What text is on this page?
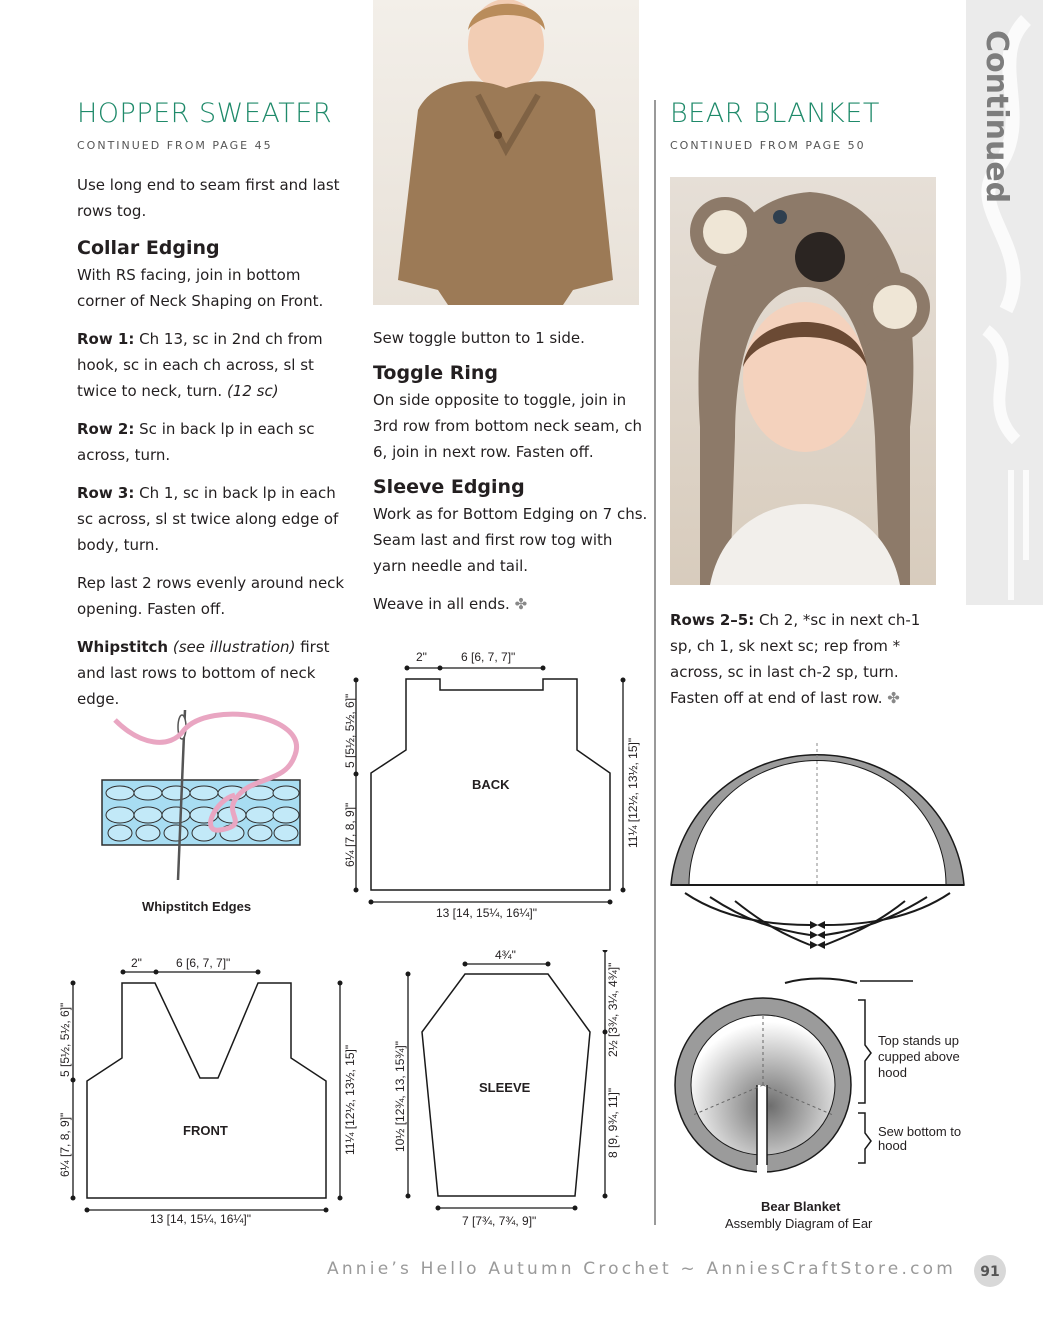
Continued
HOPPER SWEATER
CONTINUED FROM PAGE 45

Use long end to seam first and last rows tog.

Collar Edging

With RS facing, join in bottom corner of Neck Shaping on Front.

Row 1: Ch 13, sc in 2nd ch from hook, sc in each ch across, sl st twice to neck, turn. (12 sc)

Row 2: Sc in back lp in each sc across, turn.

Row 3: Ch 1, sc in back lp in each sc across, sl st twice along edge of body, turn.

Rep last 2 rows evenly around neck opening. Fasten off.

Whipstitch (see illustration) first and last rows to bottom of neck edge.

Whipstitch Edges

Sew toggle button to 1 side.

Toggle Ring

On side opposite to toggle, join in 3rd row from bottom neck seam, ch 6, join in next row. Fasten off.

Sleeve Edging

Work as for Bottom Edging on 7 chs. Seam last and first row tog with yarn needle and tail.

Weave in all ends. ✤

2"	6 [6, 7, 7]"
5 [5½, 5½, 6]"
6¼ [7, 8, 9]"	11¼ [12½, 13½, 15]"
13 [14, 15¼, 16¼]"
BACK
2"	6 [6, 7, 7]"
5 [5½, 5½, 6]"
6¼ [7, 8, 9]"	11¼ [12½, 13½, 15]"
13 [14, 15¼, 16¼]"
FRONT
4¾"
10½ [12¾, 13, 15¾]"
2½ [3¾, 3¼, 4¾]"
8 [9, 9¾, 11]"
7 [7¾, 7¾, 9]"
SLEEVE
BEAR BLANKET
CONTINUED FROM PAGE 50

Rows 2–5: Ch 2, *sc in next ch-1 sp, ch 1, sk next sc; rep from * across, sc in last ch-2 sp, turn. Fasten off at end of last row. ✤

Top stands up cupped above hood
Sew bottom to hood
Bear Blanket
Assembly Diagram of Ear
Annie’s Hello Autumn Crochet ~ AnniesCraftStore.com	91
